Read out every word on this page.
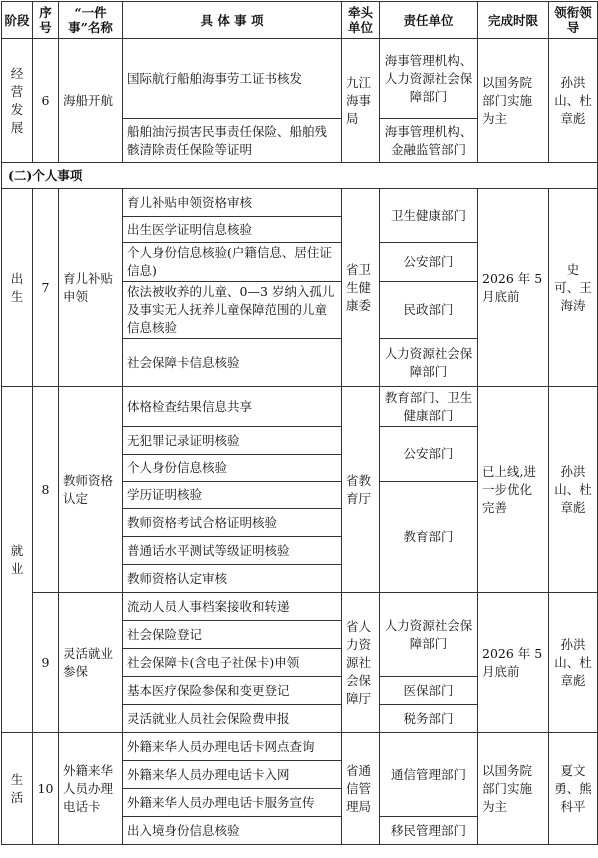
阶段	序号	“一件事”名称	具 体 事 项	牵头单位	责任单位	完成时限	领衔领导
经营发展	6	海船开航	国际航行船舶海事劳工证书核发	九江海事局	海事管理机构、人力资源社会保障部门	以国务院部门实施为主	孙洪山、杜章彪
			船舶油污损害民事责任保险、船舶残骸清除责任保险等证明		海事管理机构、金融监管部门		
(二)个人事项							
出生	7	育儿补贴申领	育儿补贴申领资格审核	省卫生健康委	卫生健康部门	2026 年 5 月底前	史 可、王海涛
			出生医学证明信息核验				
			个人身份信息核验(户籍信息、居住证信息)		公安部门		
			依法被收养的儿童、0—3 岁纳入孤儿及事实无人抚养儿童保障范围的儿童信息核验		民政部门		

			社会保障卡信息核验		人力资源社会保障部门		
就业	8	教师资格认定	体格检查结果信息共享	省教育厅	教育部门、卫生健康部门	已上线,进一步优化完善	孙洪山、杜章彪
			无犯罪记录证明核验		公安部门		
			个人身份信息核验				
			学历证明核验		教育部门		
			教师资格考试合格证明核验				
			普通话水平测试等级证明核验				
			教师资格认定审核				
	9	灵活就业参保	流动人员人事档案接收和转递	省人力资源社会保障厅	人力资源社会保障部门	2026 年 5 月底前	孙洪山、杜章彪
			社会保险登记				
			社会保障卡(含电子社保卡)申领				
			基本医疗保险参保和变更登记		医保部门		
			灵活就业人员社会保险费申报		税务部门		
生活	10	外籍来华人员办理电话卡	外籍来华人员办理电话卡网点查询	省通信管理局	通信管理部门	以国务院部门实施为主	夏文勇、熊科平
			外籍来华人员办理电话卡入网				
			外籍来华人员办理电话卡服务宣传				
			出入境身份信息核验		移民管理部门		
